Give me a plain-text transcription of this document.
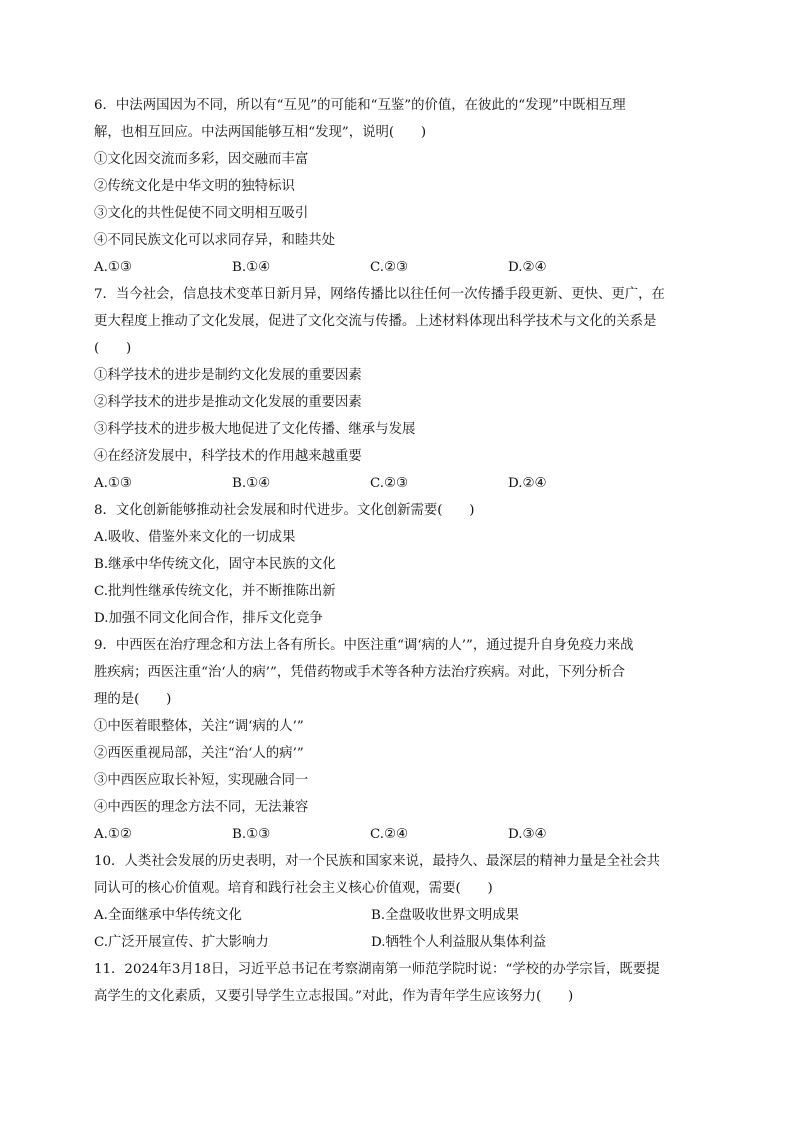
6．中法两国因为不同，所以有“互见”的可能和“互鉴”的价值，在彼此的“发现”中既相互理
解，也相互回应。中法两国能够互相“发现”，说明(　　)
①文化因交流而多彩，因交融而丰富
②传统文化是中华文明的独特标识
③文化的共性促使不同文明相互吸引
④不同民族文化可以求同存异，和睦共处
A.①③	B.①④	C.②③	D.②④
7．当今社会，信息技术变革日新月异，网络传播比以往任何一次传播手段更新、更快、更广，在
更大程度上推动了文化发展，促进了文化交流与传播。上述材料体现出科学技术与文化的关系是
(　　)
①科学技术的进步是制约文化发展的重要因素
②科学技术的进步是推动文化发展的重要因素
③科学技术的进步极大地促进了文化传播、继承与发展
④在经济发展中，科学技术的作用越来越重要
A.①③	B.①④	C.②③	D.②④
8．文化创新能够推动社会发展和时代进步。文化创新需要(　　)
A.吸收、借鉴外来文化的一切成果
B.继承中华传统文化，固守本民族的文化
C.批判性继承传统文化，并不断推陈出新
D.加强不同文化间合作，排斥文化竞争
9．中西医在治疗理念和方法上各有所长。中医注重“调‘病的人’”，通过提升自身免疫力来战
胜疾病；西医注重“治‘人的病’”，凭借药物或手术等各种方法治疗疾病。对此，下列分析合
理的是(　　)
①中医着眼整体，关注“调‘病的人’”
②西医重视局部，关注“治‘人的病’”
③中西医应取长补短，实现融合同一
④中西医的理念方法不同，无法兼容
A.①②	B.①③	C.②④	D.③④
10．人类社会发展的历史表明，对一个民族和国家来说，最持久、最深层的精神力量是全社会共
同认可的核心价值观。培育和践行社会主义核心价值观，需要(　　)
A.全面继承中华传统文化	B.全盘吸收世界文明成果
C.广泛开展宣传、扩大影响力	D.牺牲个人利益服从集体利益
11．2024年3月18日，习近平总书记在考察湖南第一师范学院时说：“学校的办学宗旨，既要提
高学生的文化素质，又要引导学生立志报国。”对此，作为青年学生应该努力(　　)
